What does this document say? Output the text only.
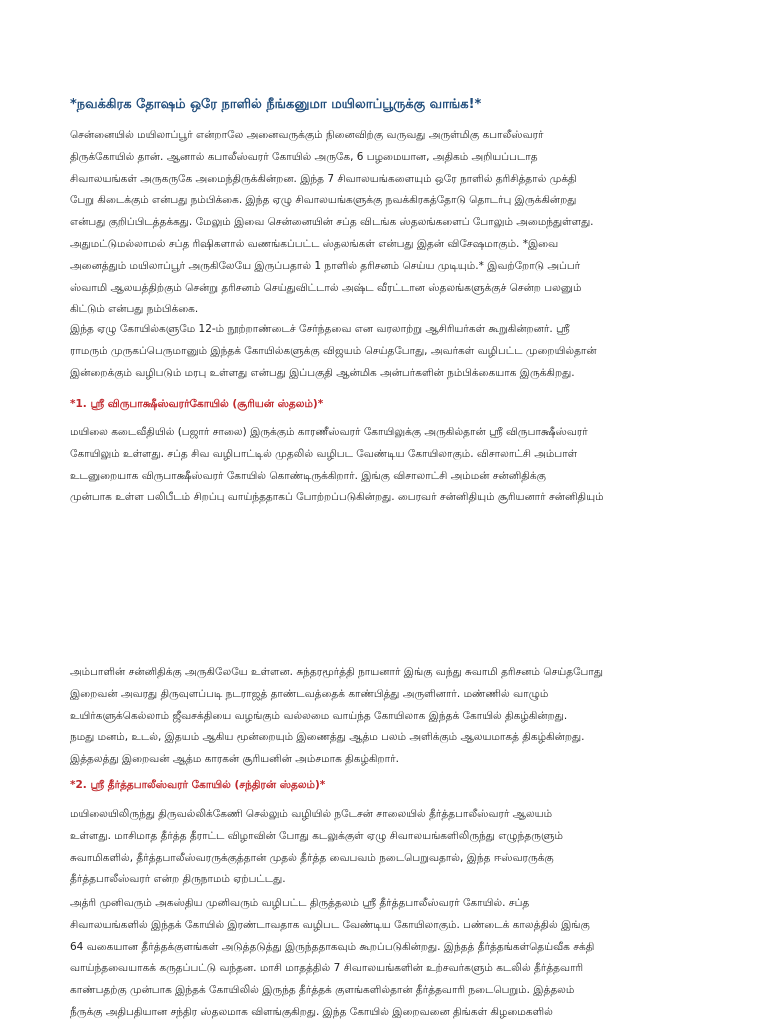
*நவக்கிரக தோஷம் ஒரே நாளில் நீங்கனுமா மயிலாப்பூருக்கு வாங்க!*

சென்னையில் மயிலாப்பூர் என்றாலே அனைவருக்கும் நினைவிற்கு வருவது அருள்மிகு கபாலீஸ்வரர்
திருக்கோயில் தான். ஆனால் கபாலீஸ்வரர் கோயில் அருகே, 6 பழமையான, அதிகம் அறியப்படாத
சிவாலயங்கள் அருகருகே அமைந்திருக்கின்றன. இந்த 7 சிவாலயங்களையும் ஒரே நாளில் தரிசித்தால் முக்தி
பேறு கிடைக்கும் என்பது நம்பிக்கை. இந்த ஏழு சிவாலயங்களுக்கு நவக்கிரகத்தோடு தொடர்பு இருக்கின்றது
என்பது குறிப்பிடத்தக்கது. மேலும் இவை சென்னையின் சப்த விடங்க ஸ்தலங்களைப் போலும் அமைந்துள்ளது.
அதுமட்டுமல்லாமல் சப்த ரிஷிகளால் வணங்கப்பட்ட ஸ்தலங்கள் என்பது இதன் விசேஷமாகும். *இவை
அனைத்தும் மயிலாப்பூர் அருகிலேயே இருப்பதால் 1 நாளில் தரிசனம் செய்ய முடியும்.* இவற்றோடு அப்பர்
ஸ்வாமி ஆலயத்திற்கும் சென்று தரிசனம் செய்துவிட்டால் அஷ்ட வீரட்டான ஸ்தலங்களுக்குச் சென்ற பலனும்
கிட்டும் என்பது நம்பிக்கை.

இந்த ஏழு கோயில்களுமே 12-ம் நூற்றாண்டைச் சேர்ந்தவை என வரலாற்று ஆசிரியர்கள் கூறுகின்றனர். ஸ்ரீ
ராமரும் முருகப்பெருமானும் இந்தக் கோயில்களுக்கு விஜயம் செய்தபோது, அவர்கள் வழிபட்ட முறையில்தான்
இன்றைக்கும் வழிபடும் மரபு உள்ளது என்பது இப்பகுதி ஆன்மிக அன்பர்களின் நம்பிக்கையாக இருக்கிறது.

*1. ஸ்ரீ விருபாக்ஷீஸ்வரர்கோயில் (சூரியன் ஸ்தலம்)*

மயிலை கடைவீதியில் (பஜார் சாலை) இருக்கும் காரணீஸ்வரர் கோயிலுக்கு அருகில்தான் ஸ்ரீ விருபாக்ஷீஸ்வரர்
கோயிலும் உள்ளது. சப்த சிவ வழிபாட்டில் முதலில் வழிபட வேண்டிய கோயிலாகும். விசாலாட்சி அம்பாள்
உடனுறையாக விருபாக்ஷீஸ்வரர் கோயில் கொண்டிருக்கிறார். இங்கு விசாலாட்சி அம்மன் சன்னிதிக்கு
முன்பாக உள்ள பலிபீடம் சிறப்பு வாய்ந்ததாகப் போற்றப்படுகின்றது. பைரவர் சன்னிதியும் சூரியனார் சன்னிதியும்

அம்பாளின் சன்னிதிக்கு அருகிலேயே உள்ளன. சுந்தரமூர்த்தி நாயனார் இங்கு வந்து சுவாமி தரிசனம் செய்தபோது
இறைவன் அவரது திருவுளப்படி நடராஜத் தாண்டவத்தைக் காண்பித்து அருளினார். மண்ணில் வாழும்
உயிர்களுக்கெல்லாம் ஜீவசக்தியை வழங்கும் வல்லமை வாய்ந்த கோயிலாக இந்தக் கோயில் திகழ்கின்றது.
நமது மனம், உடல், இதயம் ஆகிய மூன்றையும் இணைத்து ஆத்ம பலம் அளிக்கும் ஆலயமாகத் திகழ்கின்றது.
இத்தலத்து இறைவன் ஆத்ம காரகன் சூரியனின் அம்சமாக திகழ்கிறார்.

*2. ஸ்ரீ தீர்த்தபாலீஸ்வரர் கோயில் (சந்திரன் ஸ்தலம்)*

மயிலையிலிருந்து திருவல்லிக்கேணி செல்லும் வழியில் நடேசன் சாலையில் தீர்த்தபாலீஸ்வரர் ஆலயம்
உள்ளது. மாசிமாத தீர்த்த தீராட்ட விழாவின் போது கடலுக்குள் ஏழு சிவாலயங்களிலிருந்து எழுந்தருளும்
சுவாமிகளில், தீர்த்தபாலீஸ்வரருக்குத்தான் முதல் தீர்த்த வைபவம் நடைபெறுவதால், இந்த ஈஸ்வரருக்கு
தீர்த்தபாலீஸ்வரர் என்ற திருநாமம் ஏற்பட்டது.

அத்ரி முனிவரும் அகஸ்திய முனிவரும் வழிபட்ட திருத்தலம் ஸ்ரீ தீர்த்தபாலீஸ்வரர் கோயில். சப்த
சிவாலயங்களில் இந்தக் கோயில் இரண்டாவதாக வழிபட வேண்டிய கோயிலாகும். பண்டைக் காலத்தில் இங்கு
64 வகையான தீர்த்தக்குளங்கள் அடுத்தடுத்து இருந்ததாகவும் கூறப்படுகின்றது. இந்தத் தீர்த்தங்கள்தெய்வீக சக்தி
வாய்ந்தவையாகக் கருதப்பட்டு வந்தன. மாசி மாதத்தில் 7 சிவாலயங்களின் உற்சவர்களும் கடலில் தீர்த்தவாரி
காண்பதற்கு முன்பாக இந்தக் கோயிலில் இருந்த தீர்த்தக் குளங்களில்தான் தீர்த்தவாரி நடைபெறும். இத்தலம்
நீருக்கு அதிபதியான சந்திர ஸ்தலமாக விளங்குகிறது. இந்த கோயில் இறைவனை திங்கள் கிழமைகளில்
